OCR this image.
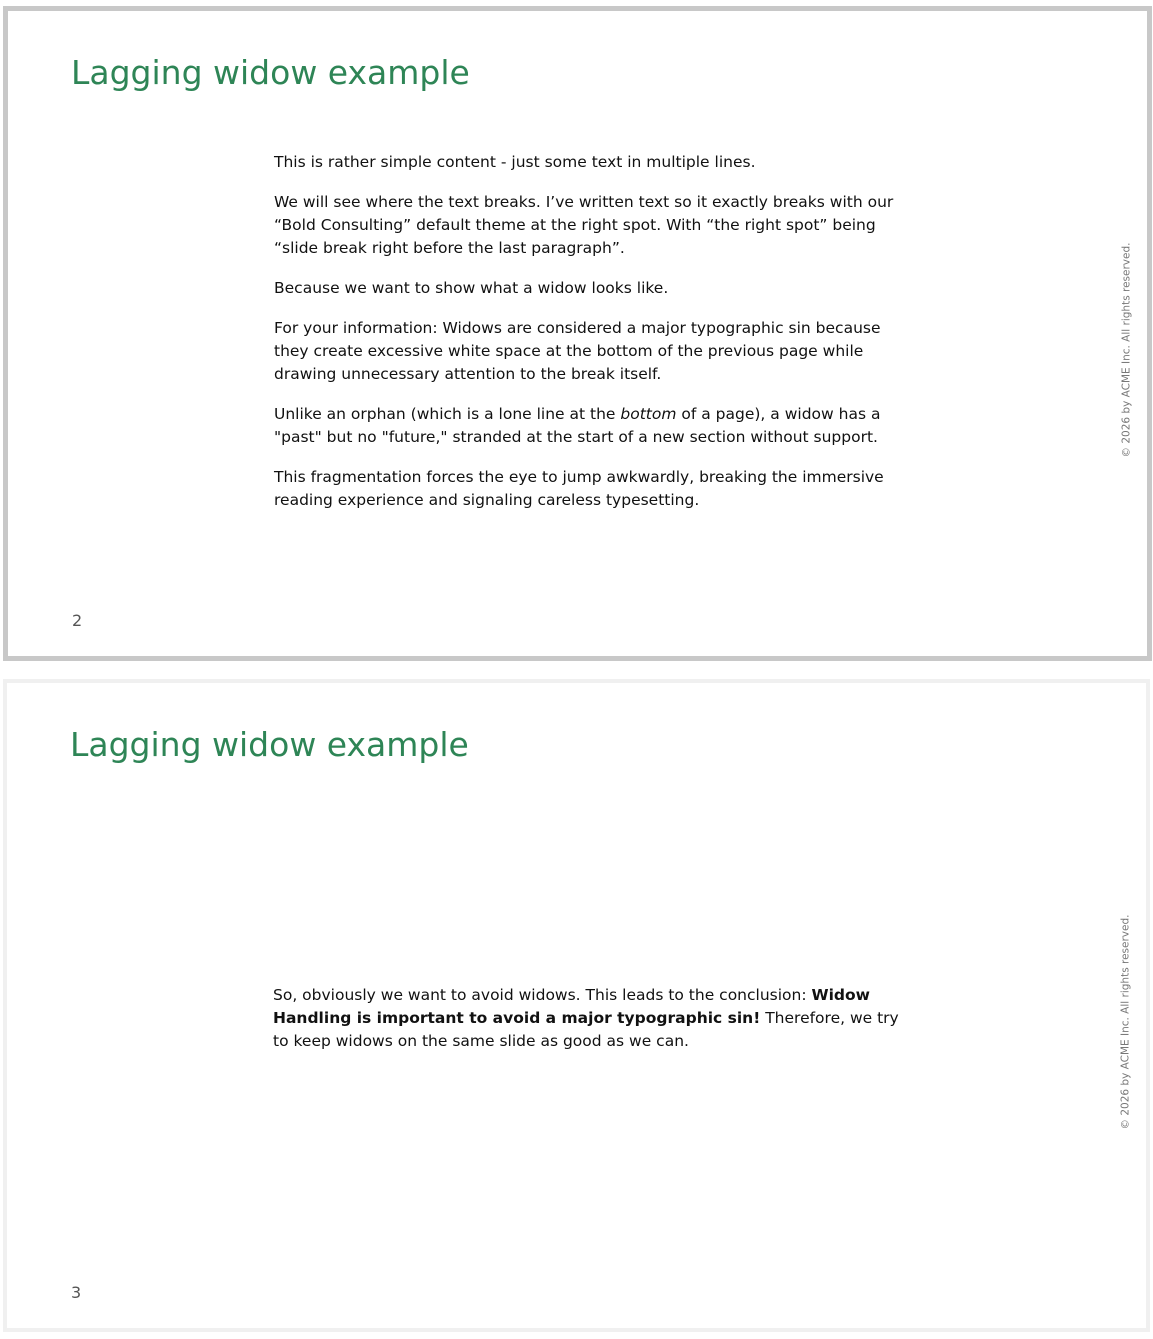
Lagging widow example

This is rather simple content - just some text in multiple lines.

We will see where the text breaks. I’ve written text so it exactly breaks with our “Bold Consulting” default theme at the right spot. With “the right spot” being “slide break right before the last paragraph”.

Because we want to show what a widow looks like.

For your information: Widows are considered a major typographic sin because they create excessive white space at the bottom of the previous page while drawing unnecessary attention to the break itself.

Unlike an orphan (which is a lone line at the bottom of a page), a widow has a "past" but no "future," stranded at the start of a new section without support.

This fragmentation forces the eye to jump awkwardly, breaking the immersive reading experience and signaling careless typesetting.

© 2026 by ACME Inc. All rights reserved.
2
Lagging widow example

So, obviously we want to avoid widows. This leads to the conclusion: Widow Handling is important to avoid a major typographic sin! Therefore, we try to keep widows on the same slide as good as we can.	© 2026 by ACME Inc. All rights reserved.
3
